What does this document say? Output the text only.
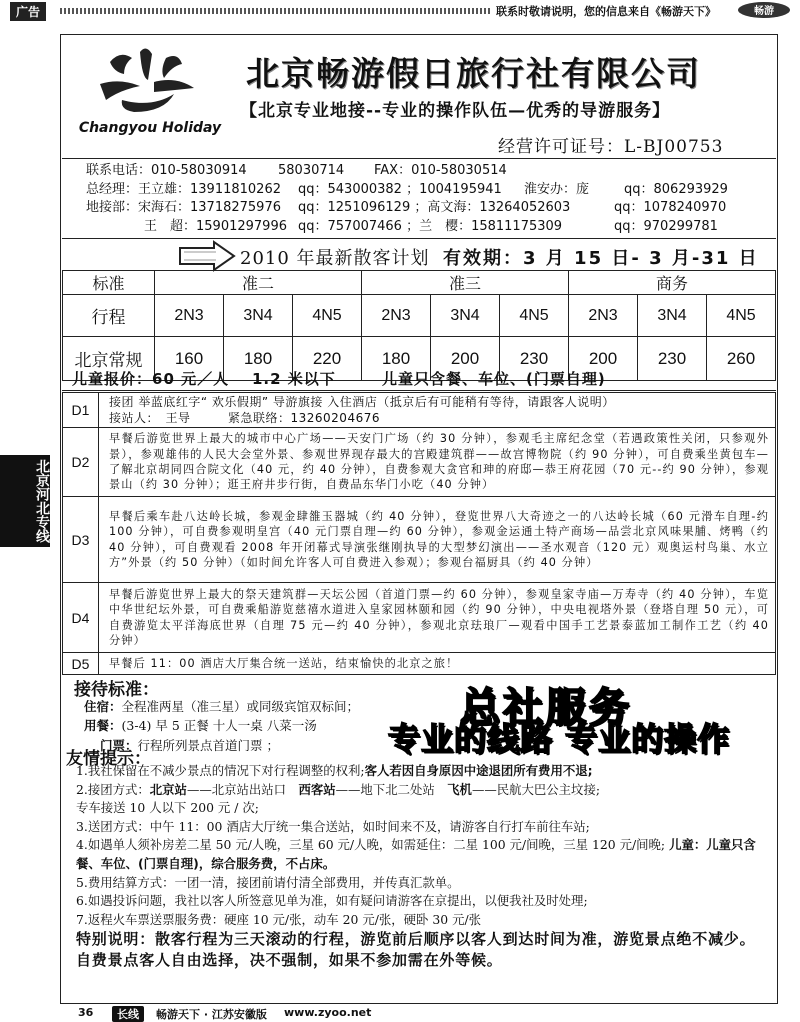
广告	联系时敬请说明，您的信息来自《畅游天下》	畅游
Changyou Holiday
北京畅游假日旅行社有限公司
【北京专业地接--专业的操作队伍—优秀的导游服务】
经营许可证号：L-BJ00753
联系电话：010-58030914 58030714 FAX：010-58030514
总经理：王立雄：13911810262 qq：543000382 ；1004195941 淮安办：庞	qq：806293929
地接部：宋海石：13718275976 qq：1251096129 ；高文海：13264052603	qq：1078240970
王　超：15901297996 qq：757007466 ；兰　樱：15811175309	qq：970299781
2010 年最新散客计划 有效期：3 月 15 日- 3 月-31 日
标准	准二			准三			商务		
行程	2N3	3N4	4N5	2N3	3N4	4N5	2N3	3N4	4N5
北京常规	160	180	220	180	200	230	200	230	260
儿童报价：60 元／人 1.2 米以下	儿童只含餐、车位、(门票自理)
D1	接团 举蓝底红字“ 欢乐假期” 导游旗接 入住酒店（抵京后有可能稍有等待，请跟客人说明）
接站人：　王导　　　紧急联络：13260204676

D2	早餐后游览世界上最大的城市中心广场——天安门广场（约 30 分钟），参观毛主席纪念堂（若遇政策性关闭，只参观外景），参观雄伟的人民大会堂外景、参观世界现存最大的宫殿建筑群——故宫博物院（约 90 分钟），可自费乘坐黄包车—了解北京胡同四合院文化（40 元，约 40 分钟），自费参观大贪官和珅的府邸—恭王府花园（70 元--约 90 分钟），参观景山（约 30 分钟）；逛王府井步行街，自费品东华门小吃（40 分钟）
D3	早餐后乘车赴八达岭长城，参观金肆雒玉器城（约 40 分钟），登览世界八大奇迹之一的八达岭长城（60 元滑车自理-约 100 分钟），可自费参观明皇宫（40 元门票自理—约 60 分钟），参观金运通土特产商场—品尝北京风味果脯、烤鸭（约 40 分钟），可自费观看 2008 年开闭幕式导演张继刚执导的大型梦幻演出——圣水观音（120 元）观奥运村鸟巢、水立方”外景（约 50 分钟）（如时间允许客人可自费进入参观）；参观台福厨具（约 40 分钟）
D4	早餐后游览世界上最大的祭天建筑群—天坛公园（首道门票—约 60 分钟），参观皇家寺庙—万寿寺（约 40 分钟），车览中华世纪坛外景，可自费乘船游览慈禧水道进入皇家园林颐和园（约 90 分钟），中央电视塔外景（登塔自理 50 元），可自费游览太平洋海底世界（自理 75 元—约 40 分钟），参观北京珐琅厂—观看中国手工艺景泰蓝加工制作工艺（约 40 分钟）
D5	早餐后 11：00 酒店大厅集合统一送站，结束愉快的北京之旅！
北京河北专线
接待标准：
住宿：全程准两星（准三星）或同级宾馆双标间；
用餐：(3-4) 早 5 正餐 十人一桌 八菜一汤
门票：行程所列景点首道门票 ；
总社服务
专业的线路 专业的操作
友情提示：
1.我社保留在不减少景点的情况下对行程调整的权利;客人若因自身原因中途退团所有费用不退;
2.接团方式：北京站——北京站出站口　西客站——地下北二处站　飞机——民航大巴公主坟接;
专车接送 10 人以下 200 元 / 次;
3.送团方式：中午 11：00 酒店大厅统一集合送站，如时间来不及，请游客自行打车前往车站;
4.如遇单人须补房差二星 50 元/人晚，三星 60 元/人晚，如需延住：二星 100 元/间晚，三星 120 元/间晚; 儿童：儿童只含餐、车位、(门票自理)，综合服务费，不占床。
5.费用结算方式：一团一清，接团前请付清全部费用，并传真汇款单。
6.如遇投诉问题，我社以客人所签意见单为准，如有疑问请游客在京提出，以便我社及时处理;
7.返程火车票送票服务费：硬座 10 元/张，动车 20 元/张，硬卧 30 元/张
特别说明：散客行程为三天滚动的行程，游览前后顺序以客人到达时间为准，游览景点绝不减少。自费景点客人自由选择，决不强制，如果不参加需在外等候。
36	长线	畅游天下 · 江苏安徽版 www.zyoo.net
